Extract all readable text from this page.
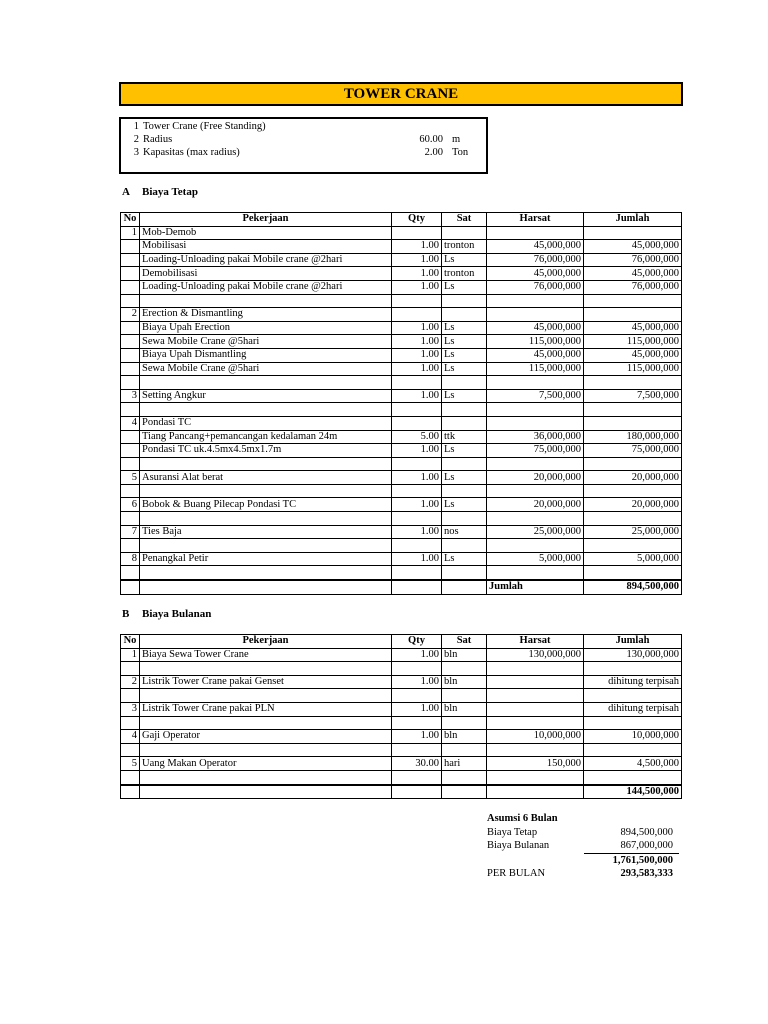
TOWER CRANE
1 Tower Crane (Free Standing)
2 Radius	60.00 m
3 Kapasitas (max radius)	2.00 Ton
A Biaya Tetap
No	Pekerjaan	Qty	Sat	Harsat	Jumlah
1	Mob-Demob				
	Mobilisasi	1.00	tronton	45,000,000	45,000,000
	Loading-Unloading pakai Mobile crane @2hari	1.00	Ls	76,000,000	76,000,000
	Demobilisasi	1.00	tronton	45,000,000	45,000,000
	Loading-Unloading pakai Mobile crane @2hari	1.00	Ls	76,000,000	76,000,000

2	Erection & Dismantling				
	Biaya Upah Erection	1.00	Ls	45,000,000	45,000,000
	Sewa Mobile Crane @5hari	1.00	Ls	115,000,000	115,000,000
	Biaya Upah Dismantling	1.00	Ls	45,000,000	45,000,000
	Sewa Mobile Crane @5hari	1.00	Ls	115,000,000	115,000,000

3	Setting Angkur	1.00	Ls	7,500,000	7,500,000

4	Pondasi TC				
	Tiang Pancang+pemancangan kedalaman 24m	5.00	ttk	36,000,000	180,000,000
	Pondasi TC uk.4.5mx4.5mx1.7m	1.00	Ls	75,000,000	75,000,000

5	Asuransi Alat berat	1.00	Ls	20,000,000	20,000,000

6	Bobok & Buang Pilecap Pondasi TC	1.00	Ls	20,000,000	20,000,000

7	Ties Baja	1.00	nos	25,000,000	25,000,000

8	Penangkal Petir	1.00	Ls	5,000,000	5,000,000

				Jumlah	894,500,000
B Biaya Bulanan
No	Pekerjaan	Qty	Sat	Harsat	Jumlah
1	Biaya Sewa Tower Crane	1.00	bln	130,000,000	130,000,000

2	Listrik Tower Crane pakai Genset	1.00	bln		dihitung terpisah

3	Listrik Tower Crane pakai PLN	1.00	bln		dihitung terpisah

4	Gaji Operator	1.00	bln	10,000,000	10,000,000

5	Uang Makan Operator	30.00	hari	150,000	4,500,000

					144,500,000
Asumsi 6 Bulan
Biaya Tetap	894,500,000
Biaya Bulanan	867,000,000
1,761,500,000
PER BULAN	293,583,333
